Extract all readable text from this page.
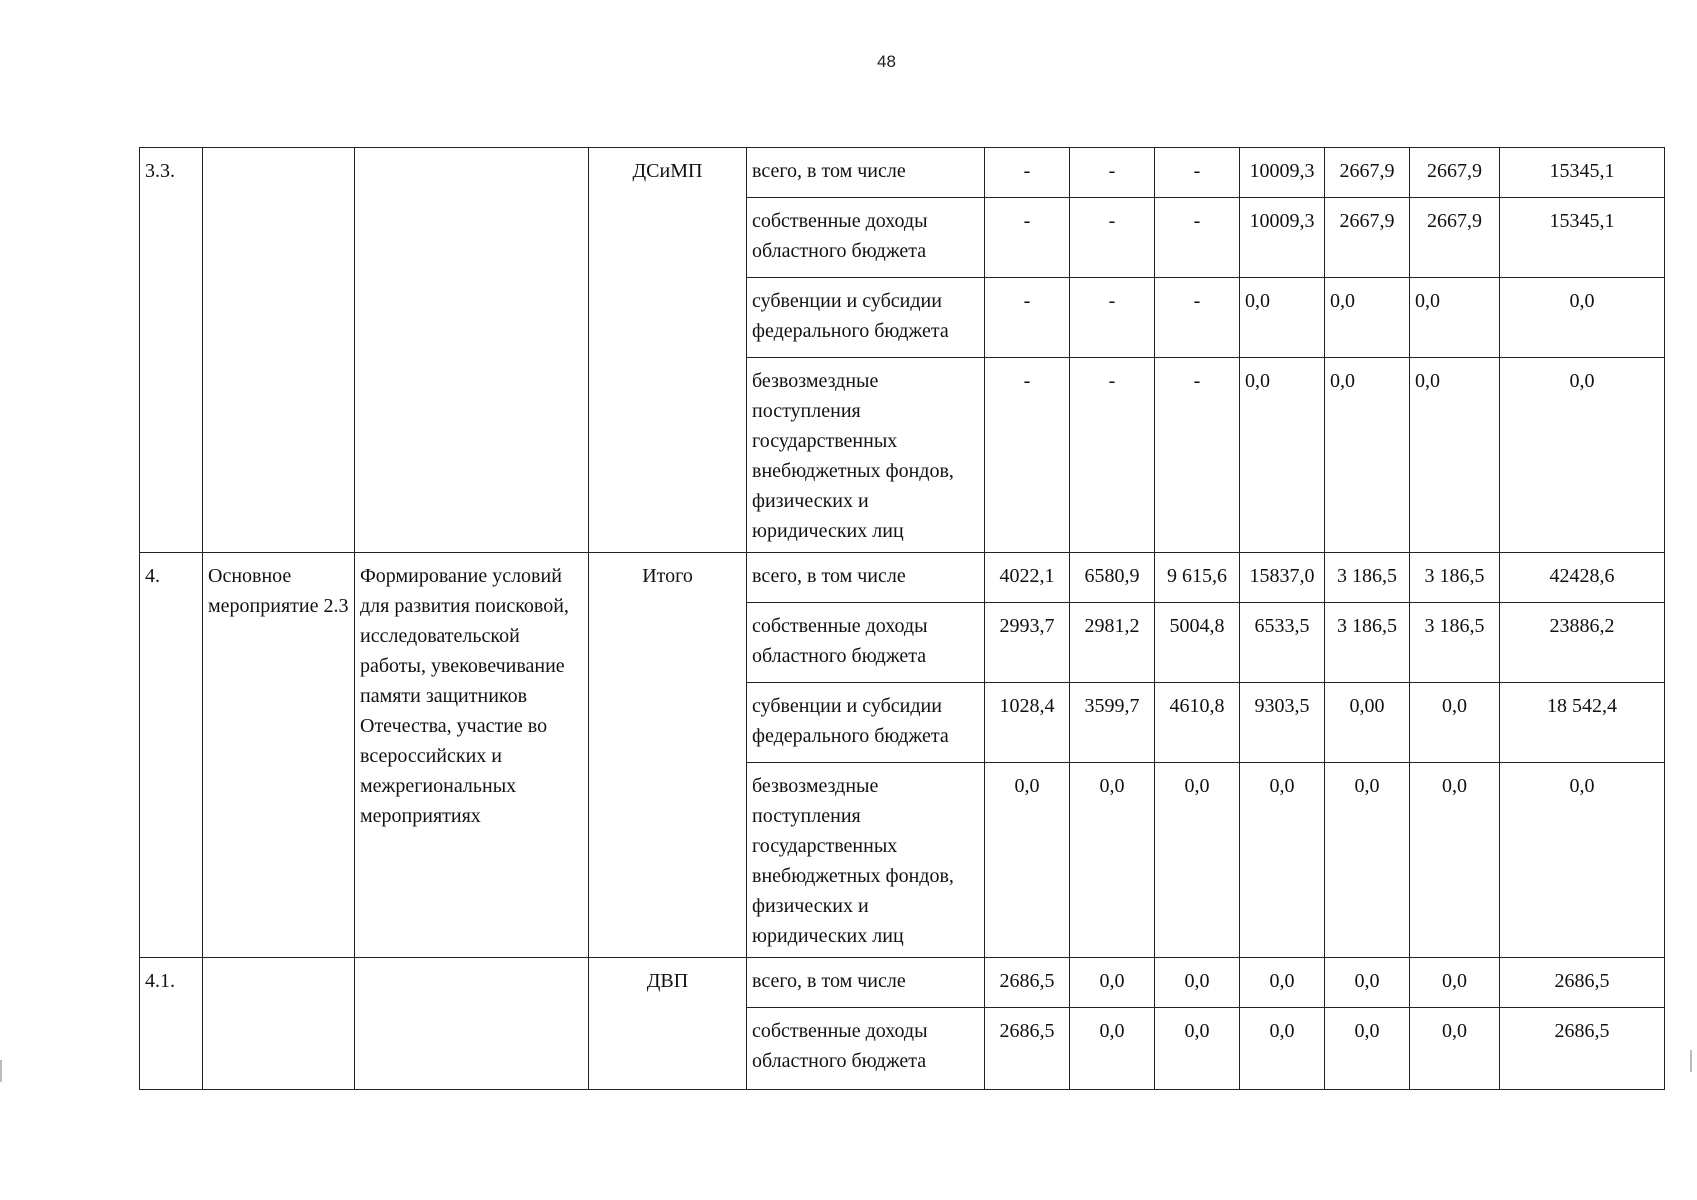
48
3.3.			ДСиМП	всего, в том числе	-	-	-	10009,3	2667,9	2667,9	15345,1
				собственные доходы областного бюджета	-	-	-	10009,3	2667,9	2667,9	15345,1
				субвенции и субсидии федерального бюджета	-	-	-	0,0	0,0	0,0	0,0
				безвозмездные поступления государственных внебюджетных фондов, физических и юридических лиц	-	-	-	0,0	0,0	0,0	0,0
4.	Основное мероприятие 2.3	Формирование условий для развития поисковой, исследовательской работы, увековечивание памяти защитников Отечества, участие во всероссийских и межрегиональных мероприятиях	Итого	всего, в том числе	4022,1	6580,9	9 615,6	15837,0	3 186,5	3 186,5	42428,6
				собственные доходы областного бюджета	2993,7	2981,2	5004,8	6533,5	3 186,5	3 186,5	23886,2
				субвенции и субсидии федерального бюджета	1028,4	3599,7	4610,8	9303,5	0,00	0,0	18 542,4
				безвозмездные поступления государственных внебюджетных фондов, физических и юридических лиц	0,0	0,0	0,0	0,0	0,0	0,0	0,0
4.1.			ДВП	всего, в том числе	2686,5	0,0	0,0	0,0	0,0	0,0	2686,5
				собственные доходы областного бюджета	2686,5	0,0	0,0	0,0	0,0	0,0	2686,5
